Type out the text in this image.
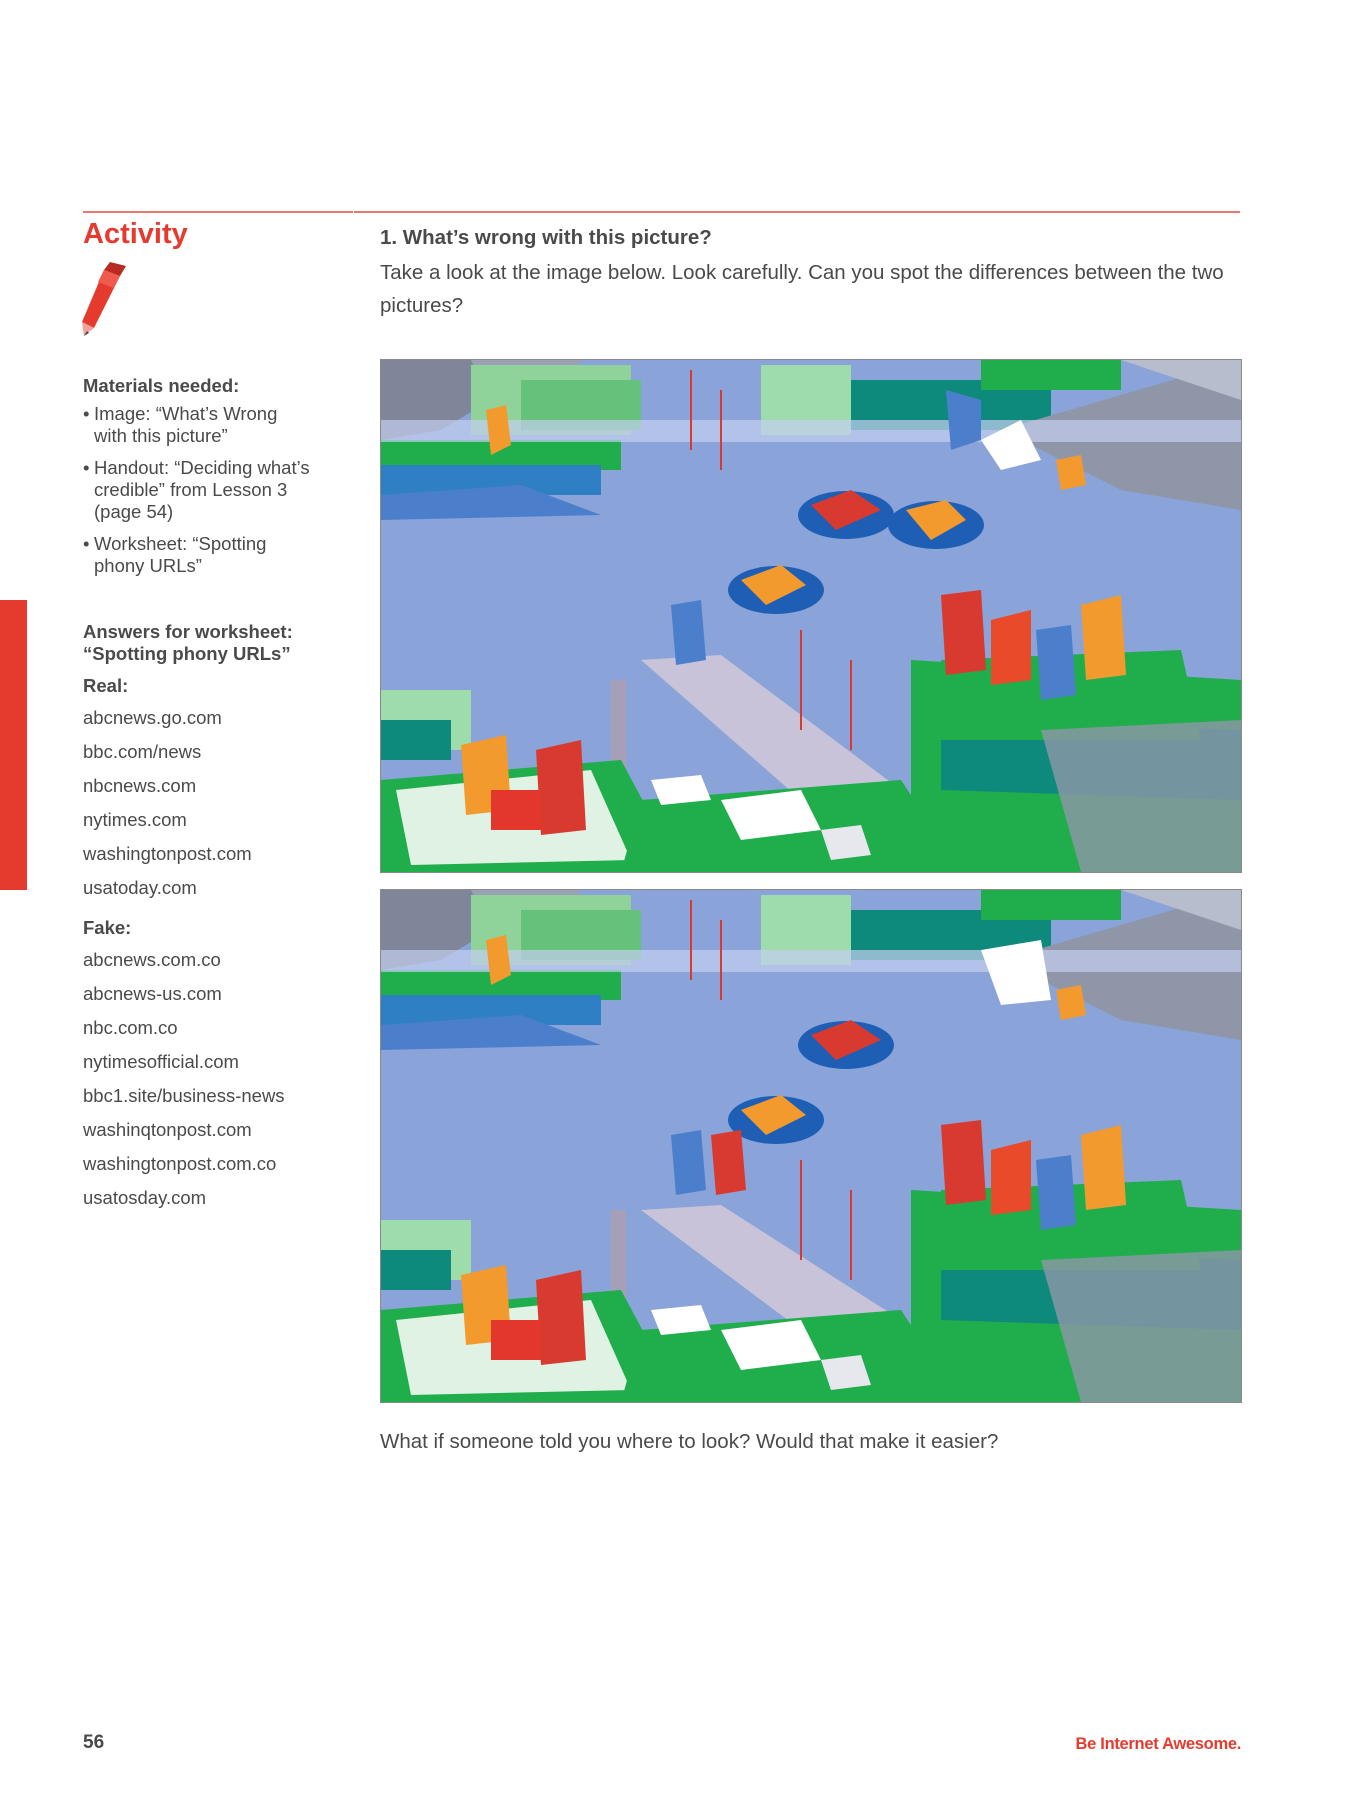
Activity
Materials needed:
• Image: “What’s Wrong with this picture”
• Handout: “Deciding what’s credible” from Lesson 3 (page 54)
• Worksheet: “Spotting phony URLs”
Answers for worksheet: “Spotting phony URLs”
Real:
abcnews.go.com
bbc.com/news
nbcnews.com
nytimes.com
washingtonpost.com
usatoday.com
Fake:
abcnews.com.co
abcnews-us.com
nbc.com.co
nytimesofficial.com
bbc1.site/business-news
washinqtonpost.com
washingtonpost.com.co
usatosday.com
1. What’s wrong with this picture?
Take a look at the image below. Look carefully. Can you spot the differences between the two pictures?
What if someone told you where to look? Would that make it easier?
56	Be Internet Awesome.
